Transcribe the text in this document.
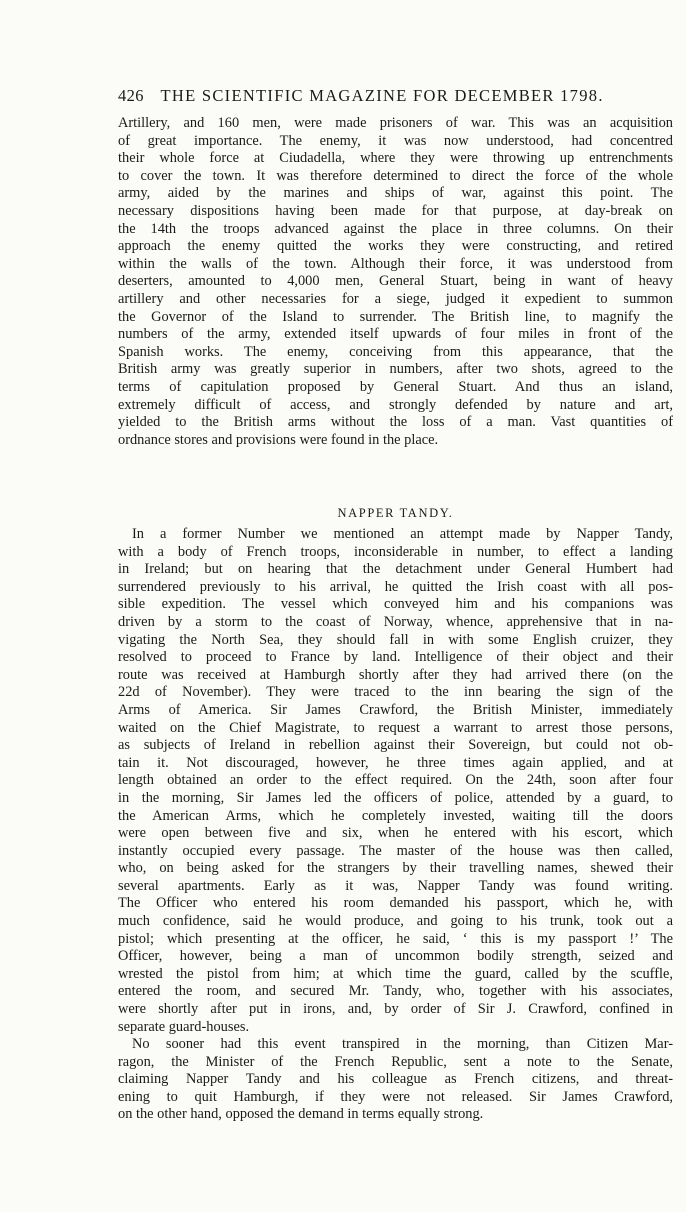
426 THE SCIENTIFIC MAGAZINE FOR DECEMBER 1798.
Artillery, and 160 men, were made prisoners of war. This was an acquisition
of great importance. The enemy, it was now understood, had concentred
their whole force at Ciudadella, where they were throwing up entrenchments
to cover the town. It was therefore determined to direct the force of the whole
army, aided by the marines and ships of war, against this point. The
necessary dispositions having been made for that purpose, at day-break on
the 14th the troops advanced against the place in three columns. On their
approach the enemy quitted the works they were constructing, and retired
within the walls of the town. Although their force, it was understood from
deserters, amounted to 4,000 men, General Stuart, being in want of heavy
artillery and other necessaries for a siege, judged it expedient to summon
the Governor of the Island to surrender. The British line, to magnify the
numbers of the army, extended itself upwards of four miles in front of the
Spanish works. The enemy, conceiving from this appearance, that the
British army was greatly superior in numbers, after two shots, agreed to the
terms of capitulation proposed by General Stuart. And thus an island,
extremely difficult of access, and strongly defended by nature and art,
yielded to the British arms without the loss of a man. Vast quantities of
ordnance stores and provisions were found in the place.
NAPPER TANDY.
In a former Number we mentioned an attempt made by Napper Tandy,
with a body of French troops, inconsiderable in number, to effect a landing
in Ireland; but on hearing that the detachment under General Humbert had
surrendered previously to his arrival, he quitted the Irish coast with all pos-
sible expedition. The vessel which conveyed him and his companions was
driven by a storm to the coast of Norway, whence, apprehensive that in na-
vigating the North Sea, they should fall in with some English cruizer, they
resolved to proceed to France by land. Intelligence of their object and their
route was received at Hamburgh shortly after they had arrived there (on the
22d of November). They were traced to the inn bearing the sign of the
Arms of America. Sir James Crawford, the British Minister, immediately
waited on the Chief Magistrate, to request a warrant to arrest those persons,
as subjects of Ireland in rebellion against their Sovereign, but could not ob-
tain it. Not discouraged, however, he three times again applied, and at
length obtained an order to the effect required. On the 24th, soon after four
in the morning, Sir James led the officers of police, attended by a guard, to
the American Arms, which he completely invested, waiting till the doors
were open between five and six, when he entered with his escort, which
instantly occupied every passage. The master of the house was then called,
who, on being asked for the strangers by their travelling names, shewed their
several apartments. Early as it was, Napper Tandy was found writing.
The Officer who entered his room demanded his passport, which he, with
much confidence, said he would produce, and going to his trunk, took out a
pistol; which presenting at the officer, he said, ‘ this is my passport !’ The
Officer, however, being a man of uncommon bodily strength, seized and
wrested the pistol from him; at which time the guard, called by the scuffle,
entered the room, and secured Mr. Tandy, who, together with his associates,
were shortly after put in irons, and, by order of Sir J. Crawford, confined in
separate guard-houses.
No sooner had this event transpired in the morning, than Citizen Mar-
ragon, the Minister of the French Republic, sent a note to the Senate,
claiming Napper Tandy and his colleague as French citizens, and threat-
ening to quit Hamburgh, if they were not released. Sir James Crawford,
on the other hand, opposed the demand in terms equally strong.
